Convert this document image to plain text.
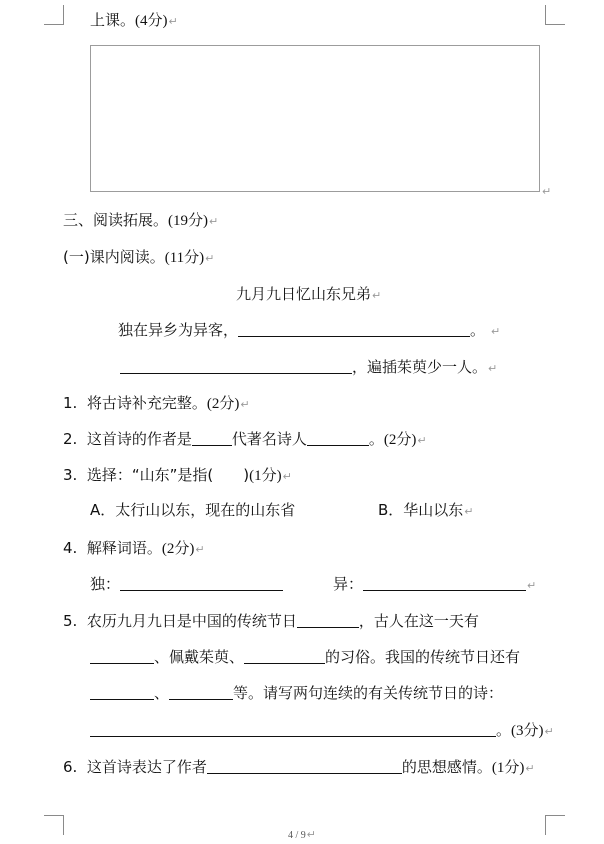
上课。(4分)↵
↵
三、阅读拓展。(19分)↵
(一)课内阅读。(11分)↵
九月九日忆山东兄弟↵
独在异乡为异客，	。 ↵
，遍插茱萸少一人。↵
1. 将古诗补充完整。(2分)↵
2. 这首诗的作者是	代著名诗人	。(2分)↵
3. 选择：“山东”是指(　　)(1分)↵
A．太行山以东，现在的山东省	B．华山以东↵
4. 解释词语。(2分)↵
独：	异：	↵
5. 农历九月九日是中国的传统节日	，古人在这一天有
、佩戴茱萸、	的习俗。我国的传统节日还有
、	等。请写两句连续的有关传统节日的诗：
。(3分)↵
6. 这首诗表达了作者	的思想感情。(1分)↵
4 / 9↵
